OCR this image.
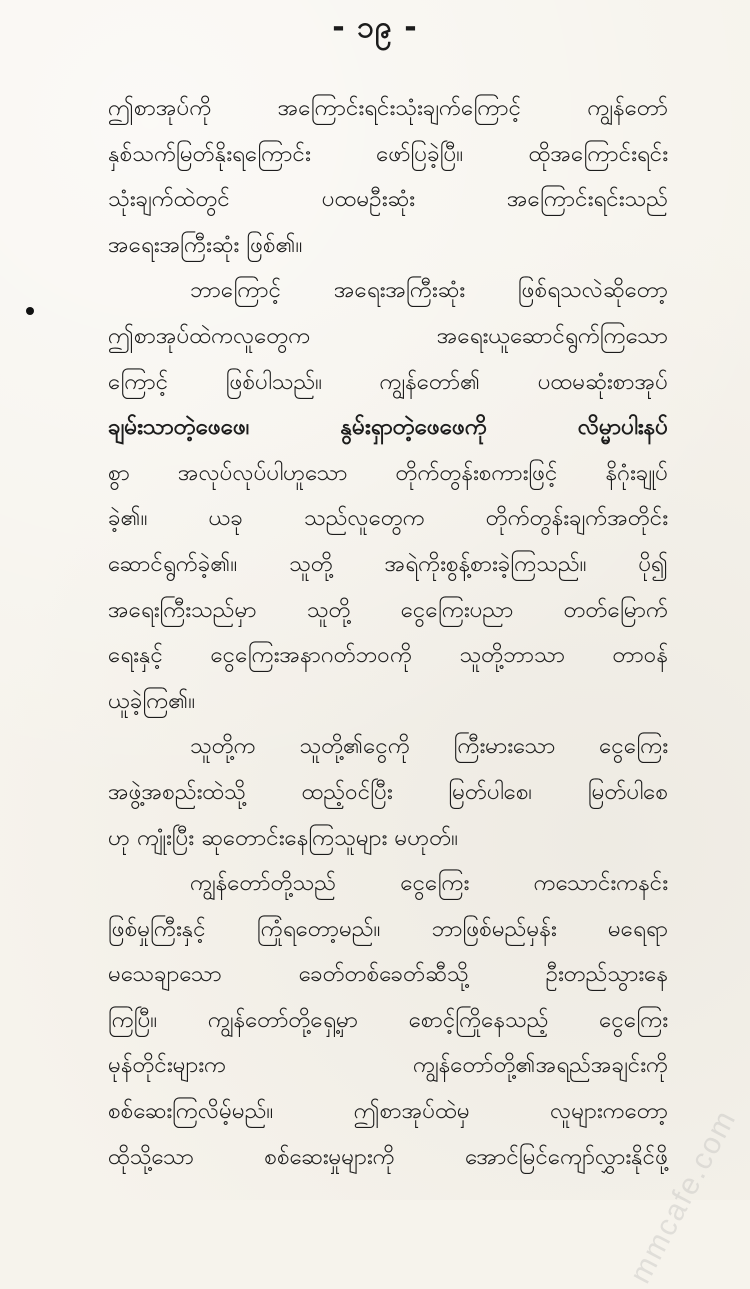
- ၁၉ -
ဤစာအုပ်ကို အကြောင်းရင်းသုံးချက်ကြောင့် ကျွန်တော်
နှစ်သက်မြတ်နိုးရကြောင်း ဖော်ပြခဲ့ပြီ။ ထိုအကြောင်းရင်း
သုံးချက်ထဲတွင် ပထမဦးဆုံး အကြောင်းရင်းသည်
အရေးအကြီးဆုံး ဖြစ်၏။
ဘာကြောင့် အရေးအကြီးဆုံး ဖြစ်ရသလဲဆိုတော့
ဤစာအုပ်ထဲကလူတွေက အရေးယူဆောင်ရွက်ကြသော
ကြောင့် ဖြစ်ပါသည်။ ကျွန်တော်၏ ပထမဆုံးစာအုပ်
ချမ်းသာတဲ့ဖေဖေ၊ နွမ်းရှာတဲ့ဖေဖေကို လိမ္မာပါးနပ်
စွာ အလုပ်လုပ်ပါဟူသော တိုက်တွန်းစကားဖြင့် နိဂုံးချုပ်
ခဲ့၏။ ယခု သည်လူတွေက တိုက်တွန်းချက်အတိုင်း
ဆောင်ရွက်ခဲ့၏။ သူတို့ အရဲကိုးစွန့်စားခဲ့ကြသည်။ ပို၍
အရေးကြီးသည်မှာ သူတို့ ငွေကြေးပညာ တတ်မြောက်
ရေးနှင့် ငွေကြေးအနာဂတ်ဘဝကို သူတို့ဘာသာ တာဝန်
ယူခဲ့ကြ၏။
သူတို့က သူတို့၏ငွေကို ကြီးမားသော ငွေကြေး
အဖွဲ့အစည်းထဲသို့ ထည့်ဝင်ပြီး မြတ်ပါစေ၊ မြတ်ပါစေ
ဟု ကျုံးပြီး ဆုတောင်းနေကြသူများ မဟုတ်။
ကျွန်တော်တို့သည် ငွေကြေး ကသောင်းကနင်း
ဖြစ်မှုကြီးနှင့် ကြုံရတော့မည်။ ဘာဖြစ်မည်မှန်း မရေရာ
မသေချာသော ခေတ်တစ်ခေတ်ဆီသို့ ဦးတည်သွားနေ
ကြပြီ။ ကျွန်တော်တို့ရှေ့မှာ စောင့်ကြိုနေသည့် ငွေကြေး
မုန်တိုင်းများက ကျွန်တော်တို့၏အရည်အချင်းကို
စစ်ဆေးကြလိမ့်မည်။ ဤစာအုပ်ထဲမှ လူများကတော့
ထိုသို့သော စစ်ဆေးမှုများကို အောင်မြင်ကျော်လွှားနိုင်ဖို့
mmcafe.com
